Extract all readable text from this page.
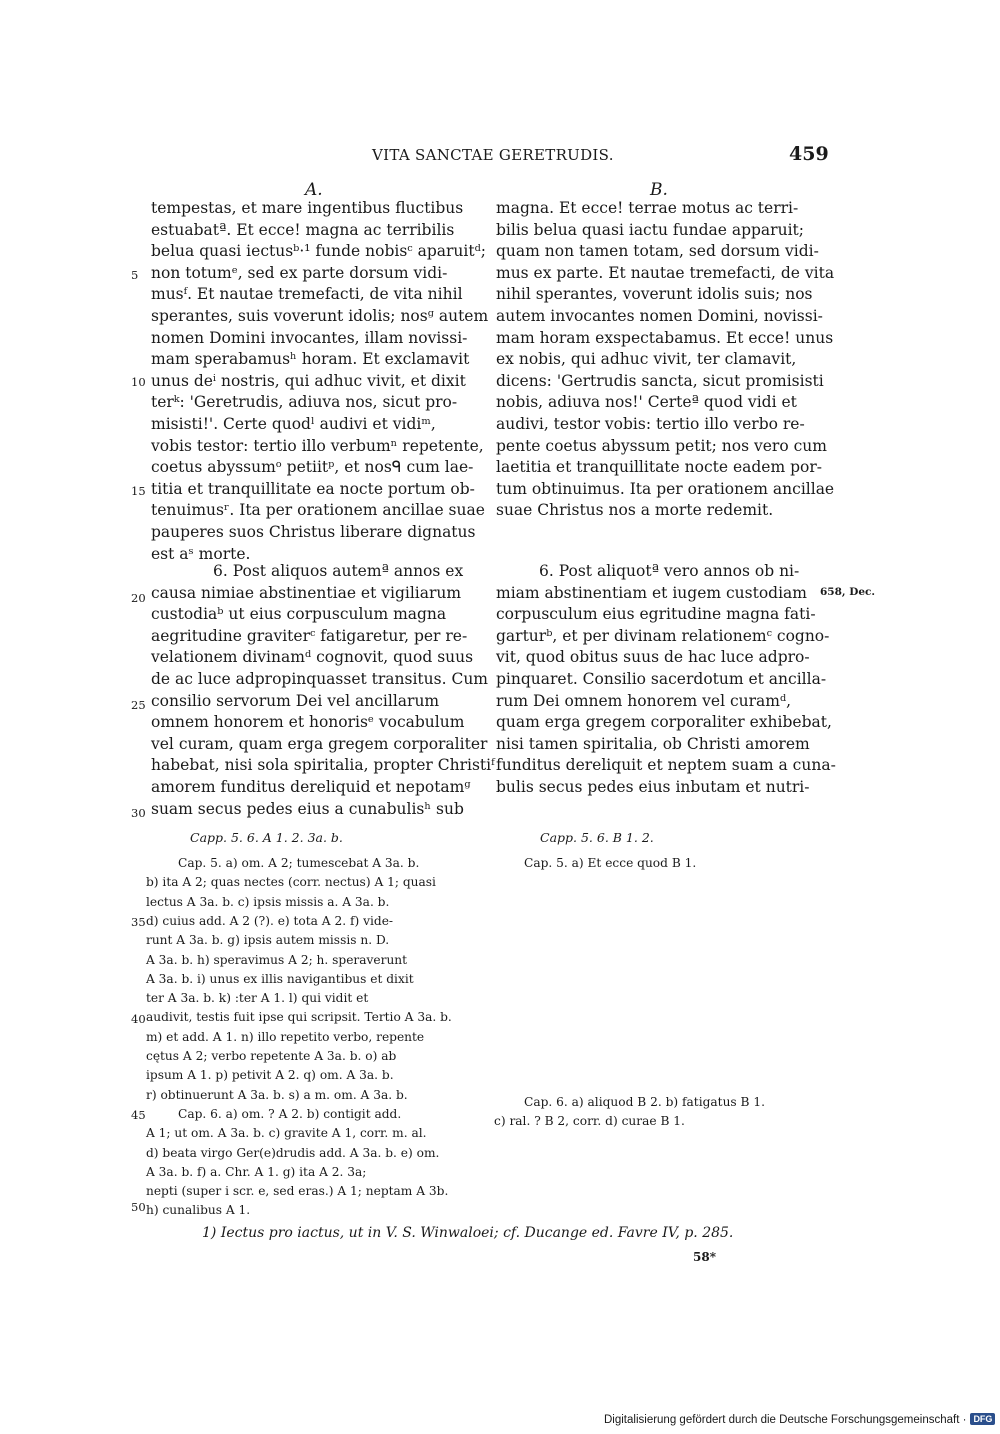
VITA SANCTAE GERETRUDIS.	459
A.	B.
tempestas, et mare ingentibus fluctibus
estuabatª. Et ecce! magna ac terribilis
belua quasi iectusᵇ·¹ funde nobisᶜ aparuitᵈ;
non totumᵉ, sed ex parte dorsum vidi-
musᶠ. Et nautae tremefacti, de vita nihil
sperantes, suis voverunt idolis; nosᵍ autem
nomen Domini invocantes, illam novissi-
mam sperabamusʰ horam. Et exclamavit
unus deⁱ nostris, qui adhuc vivit, et dixit
terᵏ: 'Geretrudis, adiuva nos, sicut pro-
misisti!'. Certe quodˡ audivi et vidiᵐ,
vobis testor: tertio illo verbumⁿ repetente,
coetus abyssumᵒ petiitᵖ, et nosᑫ cum lae-
titia et tranquillitate ea nocte portum ob-
tenuimusʳ. Ita per orationem ancillae suae
pauperes suos Christus liberare dignatus
est aˢ morte.
6. Post aliquos autemª annos ex
causa nimiae abstinentiae et vigiliarum
custodiaᵇ ut eius corpusculum magna
aegritudine graviterᶜ fatigaretur, per re-
velationem divinamᵈ cognovit, quod suus
de ac luce adpropinquasset transitus. Cum
consilio servorum Dei vel ancillarum
omnem honorem et honorisᵉ vocabulum
vel curam, quam erga gregem corporaliter
habebat, nisi sola spiritalia, propter Christiᶠ
amorem funditus dereliquid et nepotamᵍ
suam secus pedes eius a cunabulisʰ sub
magna. Et ecce! terrae motus ac terri-
bilis belua quasi iactu fundae apparuit;
quam non tamen totam, sed dorsum vidi-
mus ex parte. Et nautae tremefacti, de vita
nihil sperantes, voverunt idolis suis; nos
autem invocantes nomen Domini, novissi-
mam horam exspectabamus. Et ecce! unus
ex nobis, qui adhuc vivit, ter clamavit,
dicens: 'Gertrudis sancta, sicut promisisti
nobis, adiuva nos!' Certeª quod vidi et
audivi, testor vobis: tertio illo verbo re-
pente coetus abyssum petit; nos vero cum
laetitia et tranquillitate nocte eadem por-
tum obtinuimus. Ita per orationem ancillae
suae Christus nos a morte redemit.
6. Post aliquotª vero annos ob ni-
miam abstinentiam et iugem custodiam
corpusculum eius egritudine magna fati-
garturᵇ, et per divinam relationemᶜ cogno-
vit, quod obitus suus de hac luce adpro-
pinquaret. Consilio sacerdotum et ancilla-
rum Dei omnem honorem vel curamᵈ,
quam erga gregem corporaliter exhibebat,
nisi tamen spiritalia, ob Christi amorem
funditus dereliquit et neptem suam a cuna-
bulis secus pedes eius inbutam et nutri-
5
10
15
20
25
30
35
40
45
50
658, Dec.
Capp. 5. 6. A 1. 2. 3a. b.
Cap. 5. a) om. A 2; tumescebat A 3a. b.
b) ita A 2; quas nectes (corr. nectus) A 1; quasi
lectus A 3a. b. c) ipsis missis a. A 3a. b.
d) cuius add. A 2 (?). e) tota A 2. f) vide-
runt A 3a. b. g) ipsis autem missis n. D.
A 3a. b. h) speravimus A 2; h. speraverunt
A 3a. b. i) unus ex illis navigantibus et dixit
ter A 3a. b. k) :ter A 1. l) qui vidit et
audivit, testis fuit ipse qui scripsit. Tertio A 3a. b.
m) et add. A 1. n) illo repetito verbo, repente
cętus A 2; verbo repetente A 3a. b. o) ab
ipsum A 1. p) petivit A 2. q) om. A 3a. b.
r) obtinuerunt A 3a. b. s) a m. om. A 3a. b.
Cap. 6. a) om. ? A 2. b) contigit add.
A 1; ut om. A 3a. b. c) gravite A 1, corr. m. al.
d) beata virgo Ger(e)drudis add. A 3a. b. e) om.
A 3a. b. f) a. Chr. A 1. g) ita A 2. 3a;
nepti (super i scr. e, sed eras.) A 1; neptam A 3b.
h) cunalibus A 1.
Capp. 5. 6. B 1. 2.
Cap. 5. a) Et ecce quod B 1.
Cap. 6. a) aliquod B 2. b) fatigatus B 1.
c) ral. ? B 2, corr. d) curae B 1.
1) Iectus pro iactus, ut in V. S. Winwaloei; cf. Ducange ed. Favre IV, p. 285.
58*
Digitalisierung gefördert durch die Deutsche Forschungsgemeinschaft · DFG
